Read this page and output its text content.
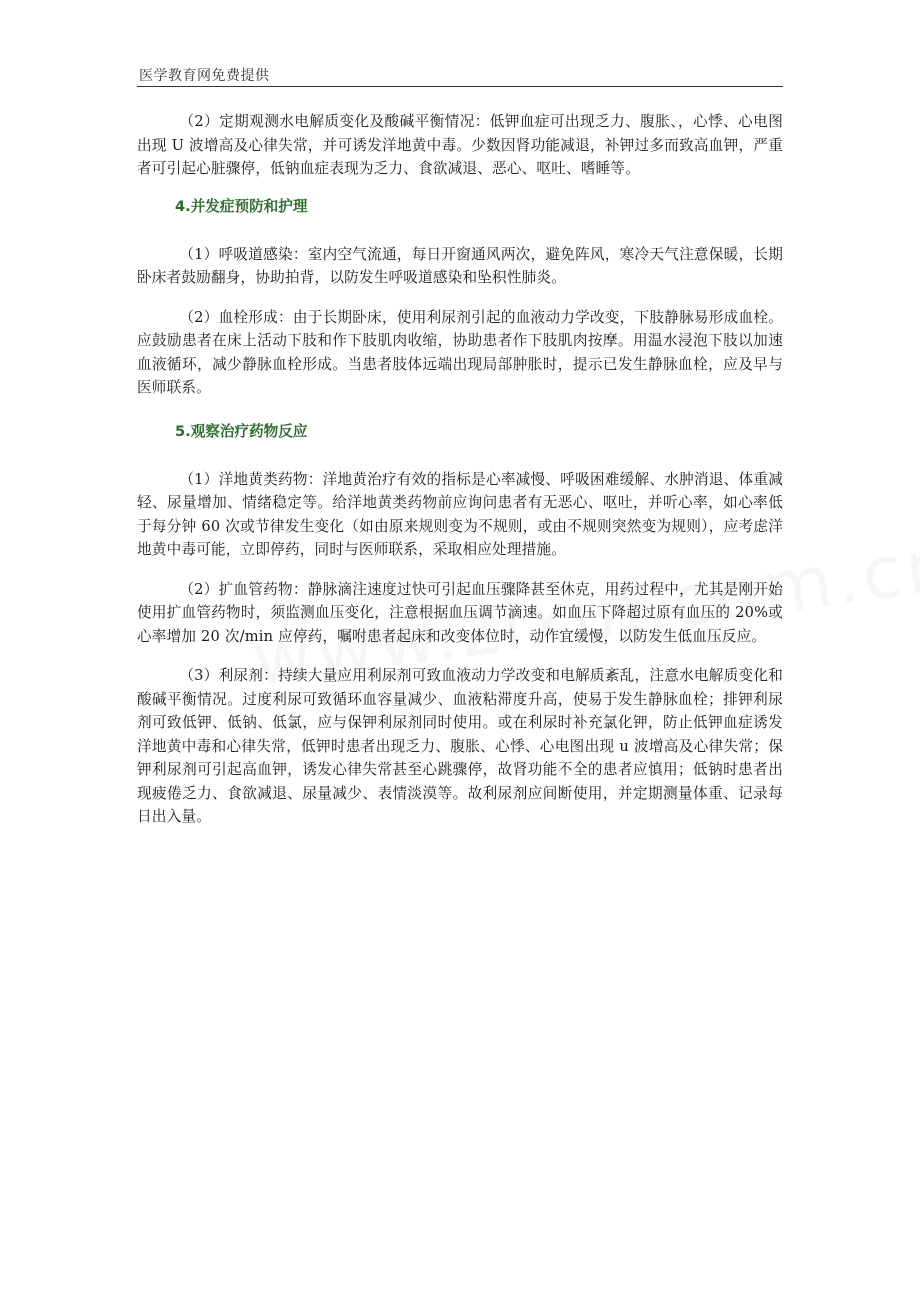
医学教育网免费提供

（2）定期观测水电解质变化及酸碱平衡情况：低钾血症可出现乏力、腹胀、，心悸、心电图出现 U 波增高及心律失常，并可诱发洋地黄中毒。少数因肾功能减退，补钾过多而致高血钾，严重者可引起心脏骤停，低钠血症表现为乏力、食欲减退、恶心、呕吐、嗜睡等。

4.并发症预防和护理

（1）呼吸道感染：室内空气流通，每日开窗通风两次，避免阵风，寒冷天气注意保暖，长期卧床者鼓励翻身，协助拍背，以防发生呼吸道感染和坠积性肺炎。

（2）血栓形成：由于长期卧床，使用利尿剂引起的血液动力学改变，下肢静脉易形成血栓。应鼓励患者在床上活动下肢和作下肢肌肉收缩，协助患者作下肢肌肉按摩。用温水浸泡下肢以加速血液循环，减少静脉血栓形成。当患者肢体远端出现局部肿胀时，提示已发生静脉血栓，应及早与医师联系。

5.观察治疗药物反应

（1）洋地黄类药物：洋地黄治疗有效的指标是心率减慢、呼吸困难缓解、水肿消退、体重减轻、尿量增加、情绪稳定等。给洋地黄类药物前应询问患者有无恶心、呕吐，并听心率，如心率低于每分钟 60 次或节律发生变化（如由原来规则变为不规则，或由不规则突然变为规则），应考虑洋地黄中毒可能，立即停药，同时与医师联系，采取相应处理措施。

（2）扩血管药物：静脉滴注速度过快可引起血压骤降甚至休克，用药过程中，尤其是刚开始使用扩血管药物时，须监测血压变化，注意根据血压调节滴速。如血压下降超过原有血压的 20%或心率增加 20 次/min 应停药，嘱咐患者起床和改变体位时，动作宜缓慢，以防发生低血压反应。

（3）利尿剂：持续大量应用利尿剂可致血液动力学改变和电解质紊乱，注意水电解质变化和酸碱平衡情况。过度利尿可致循环血容量减少、血液粘滞度升高，使易于发生静脉血栓；排钾利尿剂可致低钾、低钠、低氯，应与保钾利尿剂同时使用。或在利尿时补充氯化钾，防止低钾血症诱发洋地黄中毒和心律失常，低钾时患者出现乏力、腹胀、心悸、心电图出现 u 波增高及心律失常；保钾利尿剂可引起高血钾，诱发心律失常甚至心跳骤停，故肾功能不全的患者应慎用；低钠时患者出现疲倦乏力、食欲减退、尿量减少、表情淡漠等。故利尿剂应间断使用，并定期测量体重、记录每日出入量。
